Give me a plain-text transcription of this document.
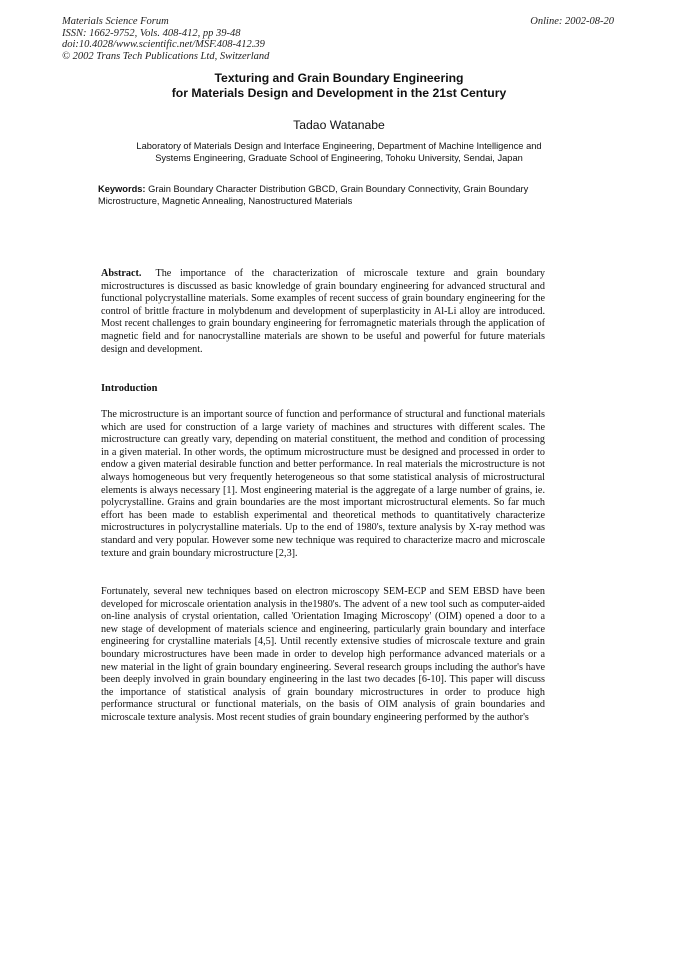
Materials Science Forum
ISSN: 1662-9752, Vols. 408-412, pp 39-48
doi:10.4028/www.scientific.net/MSF.408-412.39
© 2002 Trans Tech Publications Ltd, Switzerland
Online: 2002-08-20
Texturing and Grain Boundary Engineering
for Materials Design and Development in the 21st Century
Tadao Watanabe
Laboratory of Materials Design and Interface Engineering, Department of Machine Intelligence and
Systems Engineering, Graduate School of Engineering, Tohoku University, Sendai, Japan
Keywords: Grain Boundary Character Distribution GBCD, Grain Boundary Connectivity, Grain Boundary Microstructure, Magnetic Annealing, Nanostructured Materials
Abstract. The importance of the characterization of microscale texture and grain boundary microstructures is discussed as basic knowledge of grain boundary engineering for advanced structural and functional polycrystalline materials. Some examples of recent success of grain boundary engineering for the control of brittle fracture in molybdenum and development of superplasticity in Al-Li alloy are introduced. Most recent challenges to grain boundary engineering for ferromagnetic materials through the application of magnetic field and for nanocrystalline materials are shown to be useful and powerful for future materials design and development.
Introduction
The microstructure is an important source of function and performance of structural and functional materials which are used for construction of a large variety of machines and structures with different scales. The microstructure can greatly vary, depending on material constituent, the method and condition of processing in a given material. In other words, the optimum microstructure must be designed and processed in order to endow a given material desirable function and better performance. In real materials the microstructure is not always homogeneous but very frequently heterogeneous so that some statistical analysis of microstructural elements is always necessary [1]. Most engineering material is the aggregate of a large number of grains, ie. polycrystalline. Grains and grain boundaries are the most important microstructural elements. So far much effort has been made to establish experimental and theoretical methods to quantitatively characterize microstructures in polycrystalline materials. Up to the end of 1980's, texture analysis by X-ray method was standard and very popular. However some new technique was required to characterize macro and microscale texture and grain boundary microstructure [2,3].
Fortunately, several new techniques based on electron microscopy SEM-ECP and SEM EBSD have been developed for microscale orientation analysis in the1980's. The advent of a new tool such as computer-aided on-line analysis of crystal orientation, called 'Orientation Imaging Microscopy' (OIM) opened a door to a new stage of development of materials science and engineering, particularly grain boundary and interface engineering for crystalline materials [4,5]. Until recently extensive studies of microscale texture and grain boundary microstructures have been made in order to develop high performance advanced materials or a new material in the light of grain boundary engineering. Several research groups including the author's have been deeply involved in grain boundary engineering in the last two decades [6-10]. This paper will discuss the importance of statistical analysis of grain boundary microstructures in order to produce high performance structural or functional materials, on the basis of OIM analysis of grain boundaries and microscale texture analysis. Most recent studies of grain boundary engineering performed by the author's
